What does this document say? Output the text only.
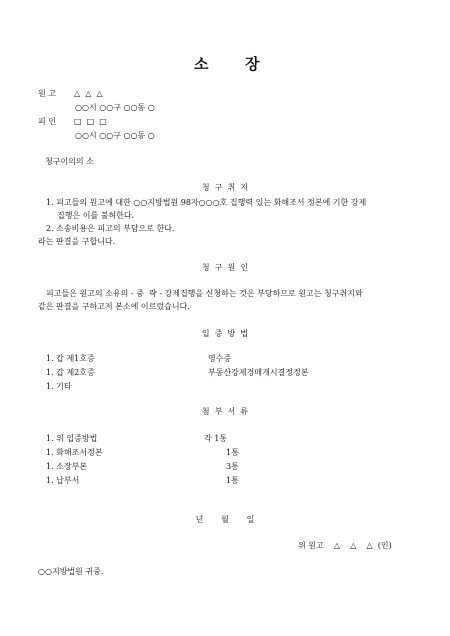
소 장
원 고 △  △  △
○○시 ○○구 ○○동 ○
피 인 □  □  □
○○시 ○○구 ○○동 ○
청구이의의 소
청  구  취  지
1. 피고들의 원고에 대한 ○○지방법원 98자○○○호 집행력 있는 화해조서 정본에 기한 강제
집행은 이를 불허한다.
2. 소송비용은 피고의 부담으로 한다.
라는 판결을 구합니다.
청  구  원  인
피고들은 원고의 소유의 - 중  략 - 강제집행을 신청하는 것은 부당하므로 원고는 청구취지와
같은 판결을 구하고저 본소에 이르렀습니다.
입  증  방  법
1. 갑 제1호증	영수증
1. 갑 제2호증	부동산강제경매개시결정정본
1. 기타
첨  부  서  류
1. 위 입증방법	각 1통
1. 화해조서정본	1통
1. 소장부본	3통
1. 납부서	1통
년       월       일
위 원고    △    △    △  (인)
○○지방법원 귀중.
